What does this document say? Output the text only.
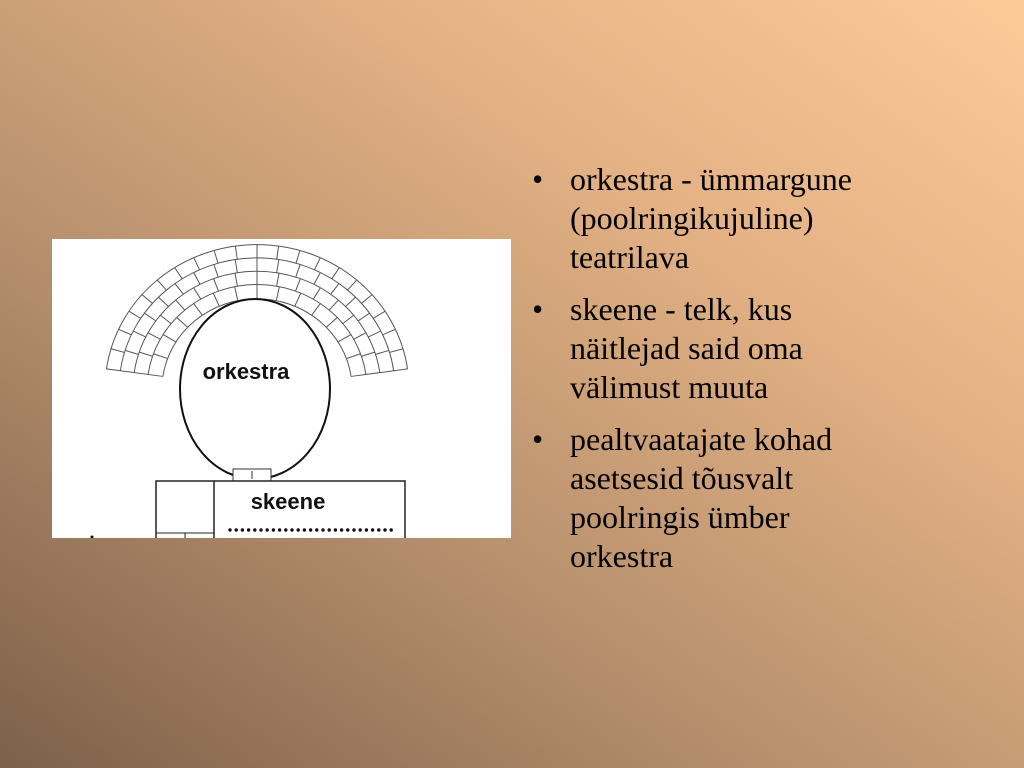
orkestra
skeene
• orkestra - ümmargune
(poolringikujuline)
teatrilava
• skeene - telk, kus
näitlejad said oma
välimust muuta
• pealtvaatajate kohad
asetsesid tõusvalt
poolringis ümber
orkestra
